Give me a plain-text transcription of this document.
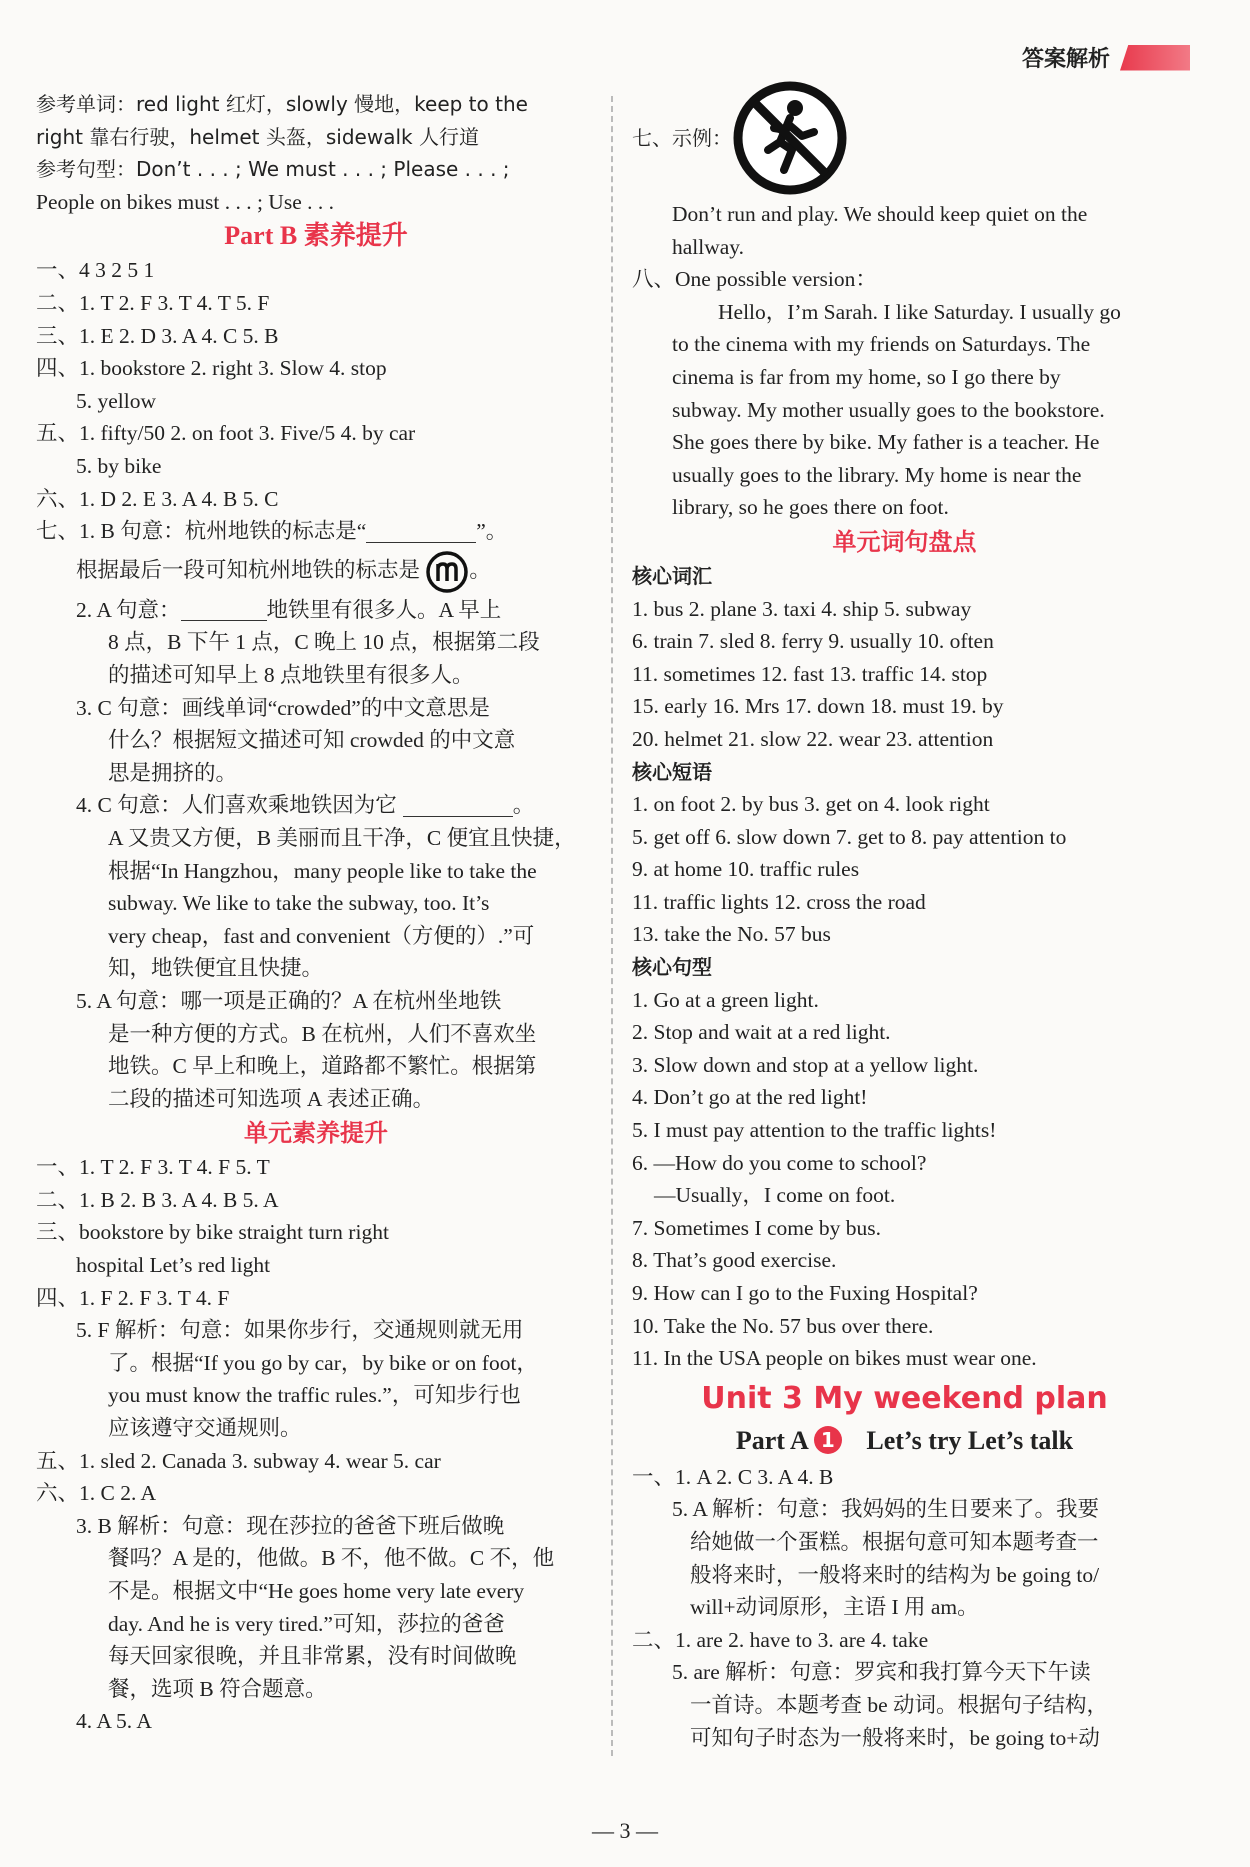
答案解析
参考单词：red light 红灯，slowly 慢地，keep to the
right 靠右行驶，helmet 头盔，sidewalk 人行道
参考句型：Don’t . . . ; We must . . . ; Please . . . ;
People on bikes must . . . ; Use . . .
Part B 素养提升
一、4 3 2 5 1
二、1. T 2. F 3. T 4. T 5. F
三、1. E 2. D 3. A 4. C 5. B
四、1. bookstore 2. right 3. Slow 4. stop
5. yellow
五、1. fifty/50 2. on foot 3. Five/5 4. by car
5. by bike
六、1. D 2. E 3. A 4. B 5. C
七、1. B 句意：杭州地铁的标志是“	”。
根据最后一段可知杭州地铁的标志是 。
2. A 句意：	地铁里有很多人。A 早上
8 点，B 下午 1 点，C 晚上 10 点，根据第二段
的描述可知早上 8 点地铁里有很多人。
3. C 句意：画线单词“crowded”的中文意思是
什么？根据短文描述可知 crowded 的中文意
思是拥挤的。
4. C 句意：人们喜欢乘地铁因为它	。
A 又贵又方便，B 美丽而且干净，C 便宜且快捷，
根据“In Hangzhou，many people like to take the
subway. We like to take the subway, too. It’s
very cheap，fast and convenient（方便的）.”可
知，地铁便宜且快捷。
5. A 句意：哪一项是正确的？A 在杭州坐地铁
是一种方便的方式。B 在杭州，人们不喜欢坐
地铁。C 早上和晚上，道路都不繁忙。根据第
二段的描述可知选项 A 表述正确。
单元素养提升
一、1. T 2. F 3. T 4. F 5. T
二、1. B 2. B 3. A 4. B 5. A
三、bookstore by bike straight turn right
hospital Let’s red light
四、1. F 2. F 3. T 4. F
5. F 解析：句意：如果你步行，交通规则就无用
了。根据“If you go by car，by bike or on foot，
you must know the traffic rules.”，可知步行也
应该遵守交通规则。
五、1. sled 2. Canada 3. subway 4. wear 5. car
六、1. C 2. A
3. B 解析：句意：现在莎拉的爸爸下班后做晚
餐吗？A 是的，他做。B 不，他不做。C 不，他
不是。根据文中“He goes home very late every
day. And he is very tired.”可知，莎拉的爸爸
每天回家很晚，并且非常累，没有时间做晚
餐，选项 B 符合题意。
4. A 5. A
七、示例：
Don’t run and play. We should keep quiet on the
hallway.
八、One possible version：
Hello，I’m Sarah. I like Saturday. I usually go
to the cinema with my friends on Saturdays. The
cinema is far from my home, so I go there by
subway. My mother usually goes to the bookstore.
She goes there by bike. My father is a teacher. He
usually goes to the library. My home is near the
library, so he goes there on foot.
单元词句盘点
核心词汇
1. bus 2. plane 3. taxi 4. ship 5. subway
6. train 7. sled 8. ferry 9. usually 10. often
11. sometimes 12. fast 13. traffic 14. stop
15. early 16. Mrs 17. down 18. must 19. by
20. helmet 21. slow 22. wear 23. attention
核心短语
1. on foot 2. by bus 3. get on 4. look right
5. get off 6. slow down 7. get to 8. pay attention to
9. at home 10. traffic rules
11. traffic lights 12. cross the road
13. take the No. 57 bus
核心句型
1. Go at a green light.
2. Stop and wait at a red light.
3. Slow down and stop at a yellow light.
4. Don’t go at the red light!
5. I must pay attention to the traffic lights!
6. —How do you come to school?
—Usually，I come on foot.
7. Sometimes I come by bus.
8. That’s good exercise.
9. How can I go to the Fuxing Hospital?
10. Take the No. 57 bus over there.
11. In the USA people on bikes must wear one.
Unit 3 My weekend plan
Part A 1 Let’s try Let’s talk
一、1. A 2. C 3. A 4. B
5. A 解析：句意：我妈妈的生日要来了。我要
给她做一个蛋糕。根据句意可知本题考查一
般将来时，一般将来时的结构为 be going to/
will+动词原形，主语 I 用 am。
二、1. are 2. have to 3. are 4. take
5. are 解析：句意：罗宾和我打算今天下午读
一首诗。本题考查 be 动词。根据句子结构，
可知句子时态为一般将来时，be going to+动
— 3 —
